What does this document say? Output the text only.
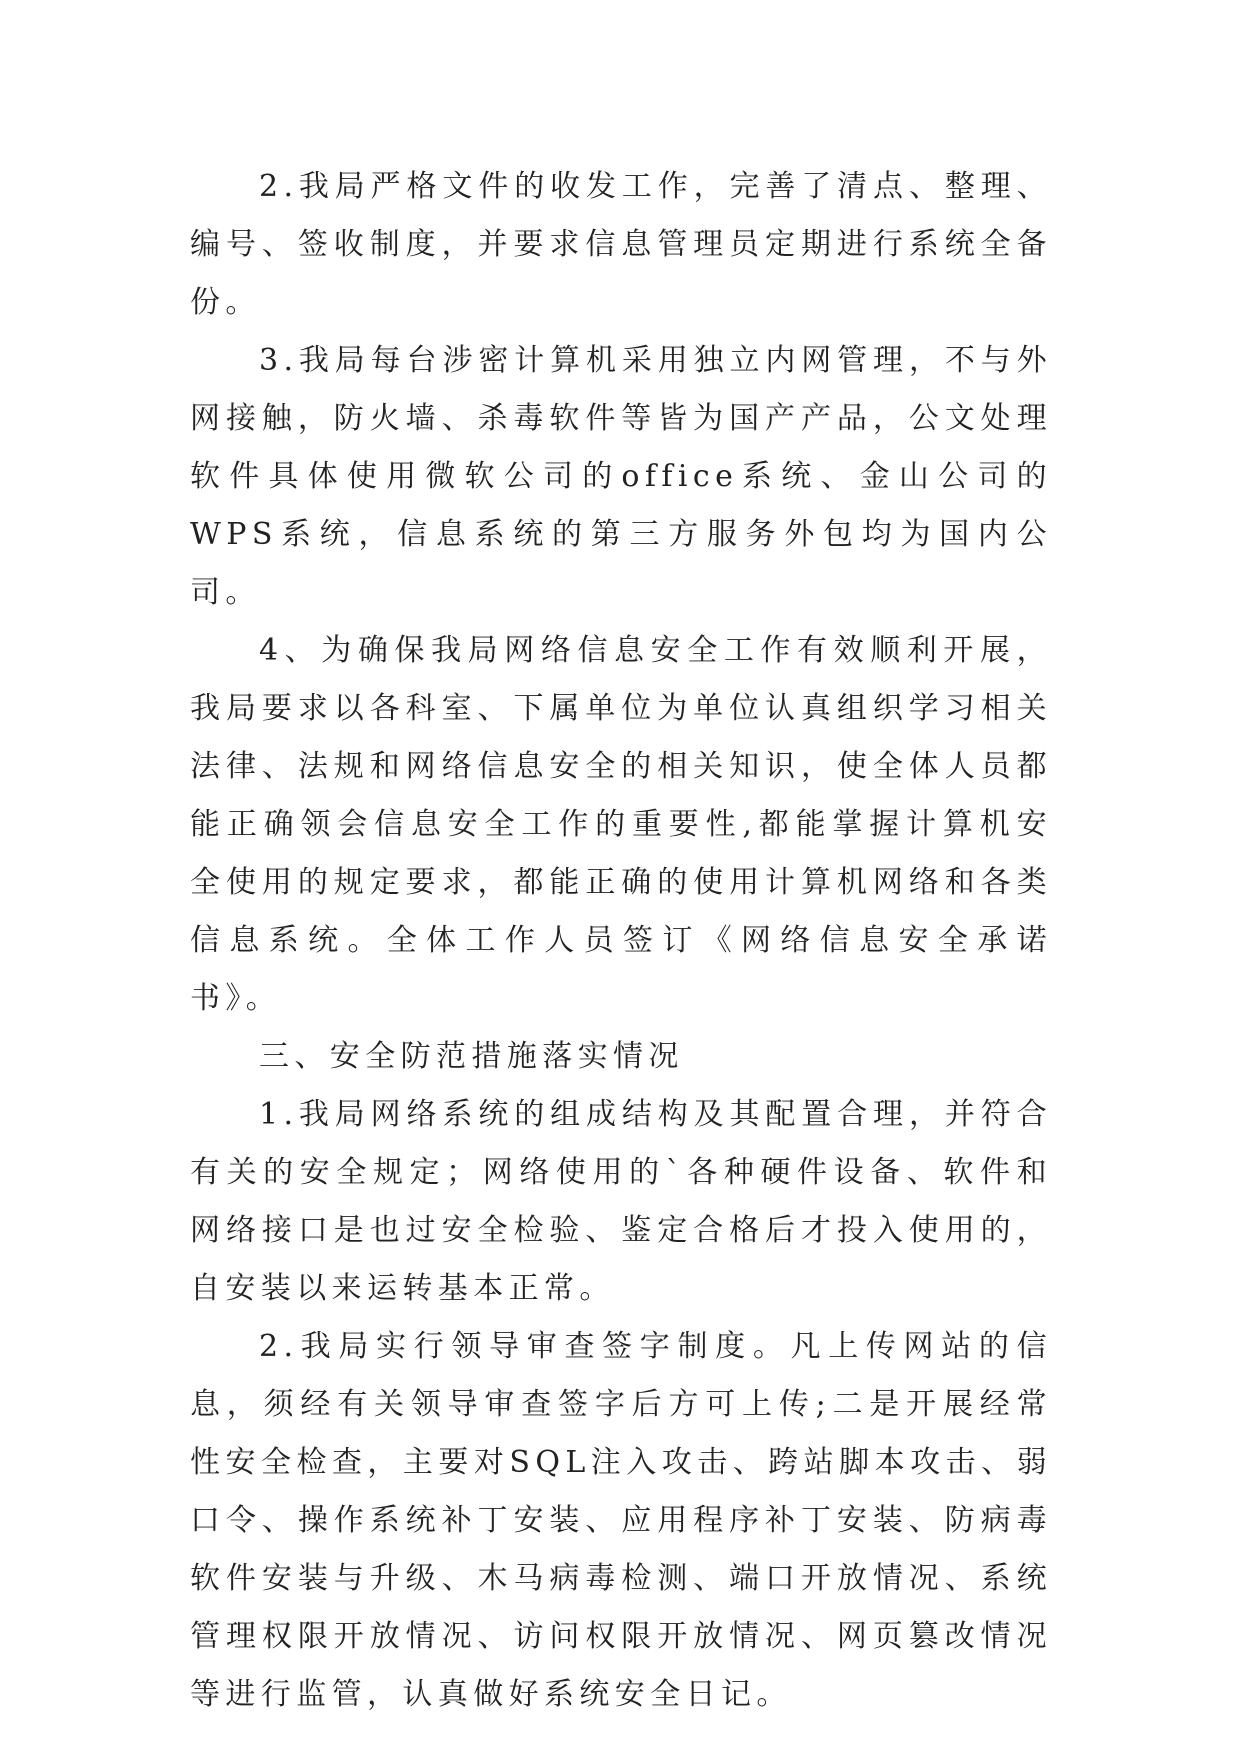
2.我局严格文件的收发工作，完善了清点、整理、编号、签收制度，并要求信息管理员定期进行系统全备份。

3.我局每台涉密计算机采用独立内网管理，不与外网接触，防火墙、杀毒软件等皆为国产产品，公文处理软件具体使用微软公司的office系统、金山公司的WPS系统，信息系统的第三方服务外包均为国内公司。

4、为确保我局网络信息安全工作有效顺利开展，我局要求以各科室、下属单位为单位认真组织学习相关法律、法规和网络信息安全的相关知识，使全体人员都能正确领会信息安全工作的重要性,都能掌握计算机安全使用的规定要求，都能正确的使用计算机网络和各类信息系统。全体工作人员签订《网络信息安全承诺书》。

三、安全防范措施落实情况

1.我局网络系统的组成结构及其配置合理，并符合有关的安全规定；网络使用的`各种硬件设备、软件和网络接口是也过安全检验、鉴定合格后才投入使用的，自安装以来运转基本正常。

2.我局实行领导审查签字制度。凡上传网站的信息，须经有关领导审查签字后方可上传;二是开展经常性安全检查，主要对SQL注入攻击、跨站脚本攻击、弱口令、操作系统补丁安装、应用程序补丁安装、防病毒软件安装与升级、木马病毒检测、端口开放情况、系统管理权限开放情况、访问权限开放情况、网页篡改情况等进行监管，认真做好系统安全日记。
